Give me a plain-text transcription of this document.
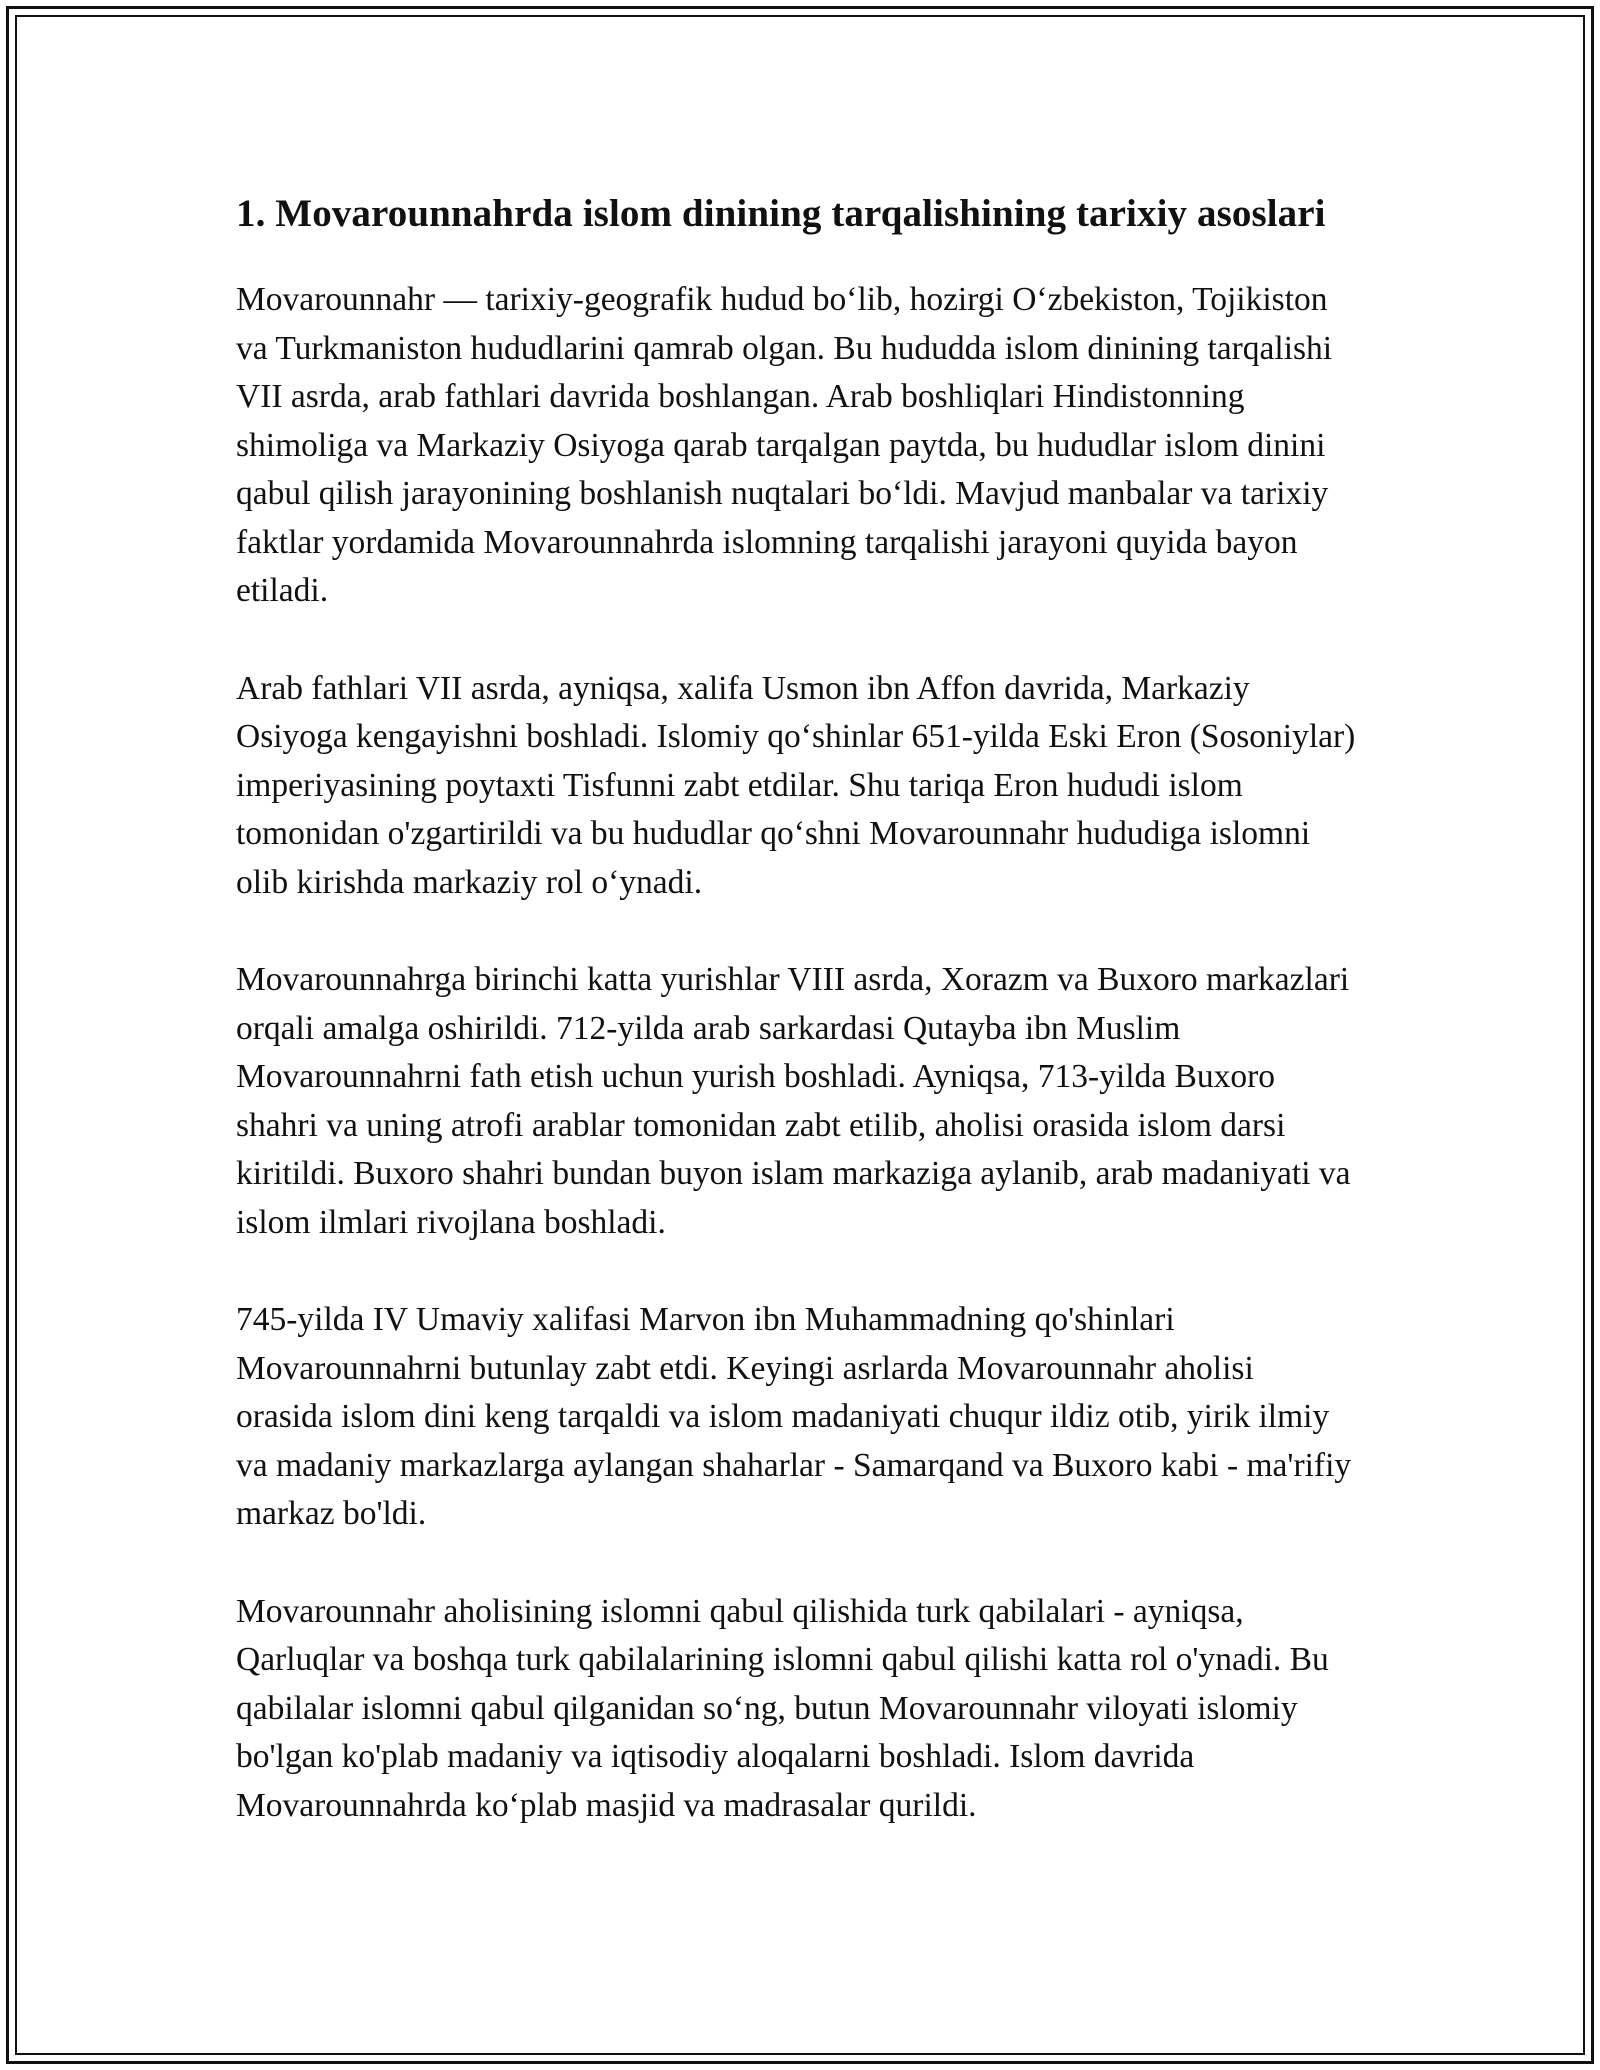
1. Movarounnahrda islom dinining tarqalishining tarixiy asoslari

Movarounnahr — tarixiy-geografik hudud bo‘lib, hozirgi O‘zbekiston, Tojikiston va Turkmaniston hududlarini qamrab olgan. Bu hududda islom dinining tarqalishi VII asrda, arab fathlari davrida boshlangan. Arab boshliqlari Hindistonning shimoliga va Markaziy Osiyoga qarab tarqalgan paytda, bu hududlar islom dinini qabul qilish jarayonining boshlanish nuqtalari bo‘ldi. Mavjud manbalar va tarixiy faktlar yordamida Movarounnahrda islomning tarqalishi jarayoni quyida bayon etiladi.

Arab fathlari VII asrda, ayniqsa, xalifa Usmon ibn Affon davrida, Markaziy Osiyoga kengayishni boshladi. Islomiy qo‘shinlar 651-yilda Eski Eron (Sosoniylar) imperiyasining poytaxti Tisfunni zabt etdilar. Shu tariqa Eron hududi islom tomonidan o'zgartirildi va bu hududlar qo‘shni Movarounnahr hududiga islomni olib kirishda markaziy rol o‘ynadi.

Movarounnahrga birinchi katta yurishlar VIII asrda, Xorazm va Buxoro markazlari orqali amalga oshirildi. 712-yilda arab sarkardasi Qutayba ibn Muslim Movarounnahrni fath etish uchun yurish boshladi. Ayniqsa, 713-yilda Buxoro shahri va uning atrofi arablar tomonidan zabt etilib, aholisi orasida islom darsi kiritildi. Buxoro shahri bundan buyon islam markaziga aylanib, arab madaniyati va islom ilmlari rivojlana boshladi.

745-yilda IV Umaviy xalifasi Marvon ibn Muhammadning qo'shinlari Movarounnahrni butunlay zabt etdi. Keyingi asrlarda Movarounnahr aholisi orasida islom dini keng tarqaldi va islom madaniyati chuqur ildiz otib, yirik ilmiy va madaniy markazlarga aylangan shaharlar - Samarqand va Buxoro kabi - ma'rifiy markaz bo'ldi.

Movarounnahr aholisining islomni qabul qilishida turk qabilalari - ayniqsa, Qarluqlar va boshqa turk qabilalarining islomni qabul qilishi katta rol o'ynadi. Bu qabilalar islomni qabul qilganidan so‘ng, butun Movarounnahr viloyati islomiy bo'lgan ko'plab madaniy va iqtisodiy aloqalarni boshladi. Islom davrida Movarounnahrda ko‘plab masjid va madrasalar qurildi.
